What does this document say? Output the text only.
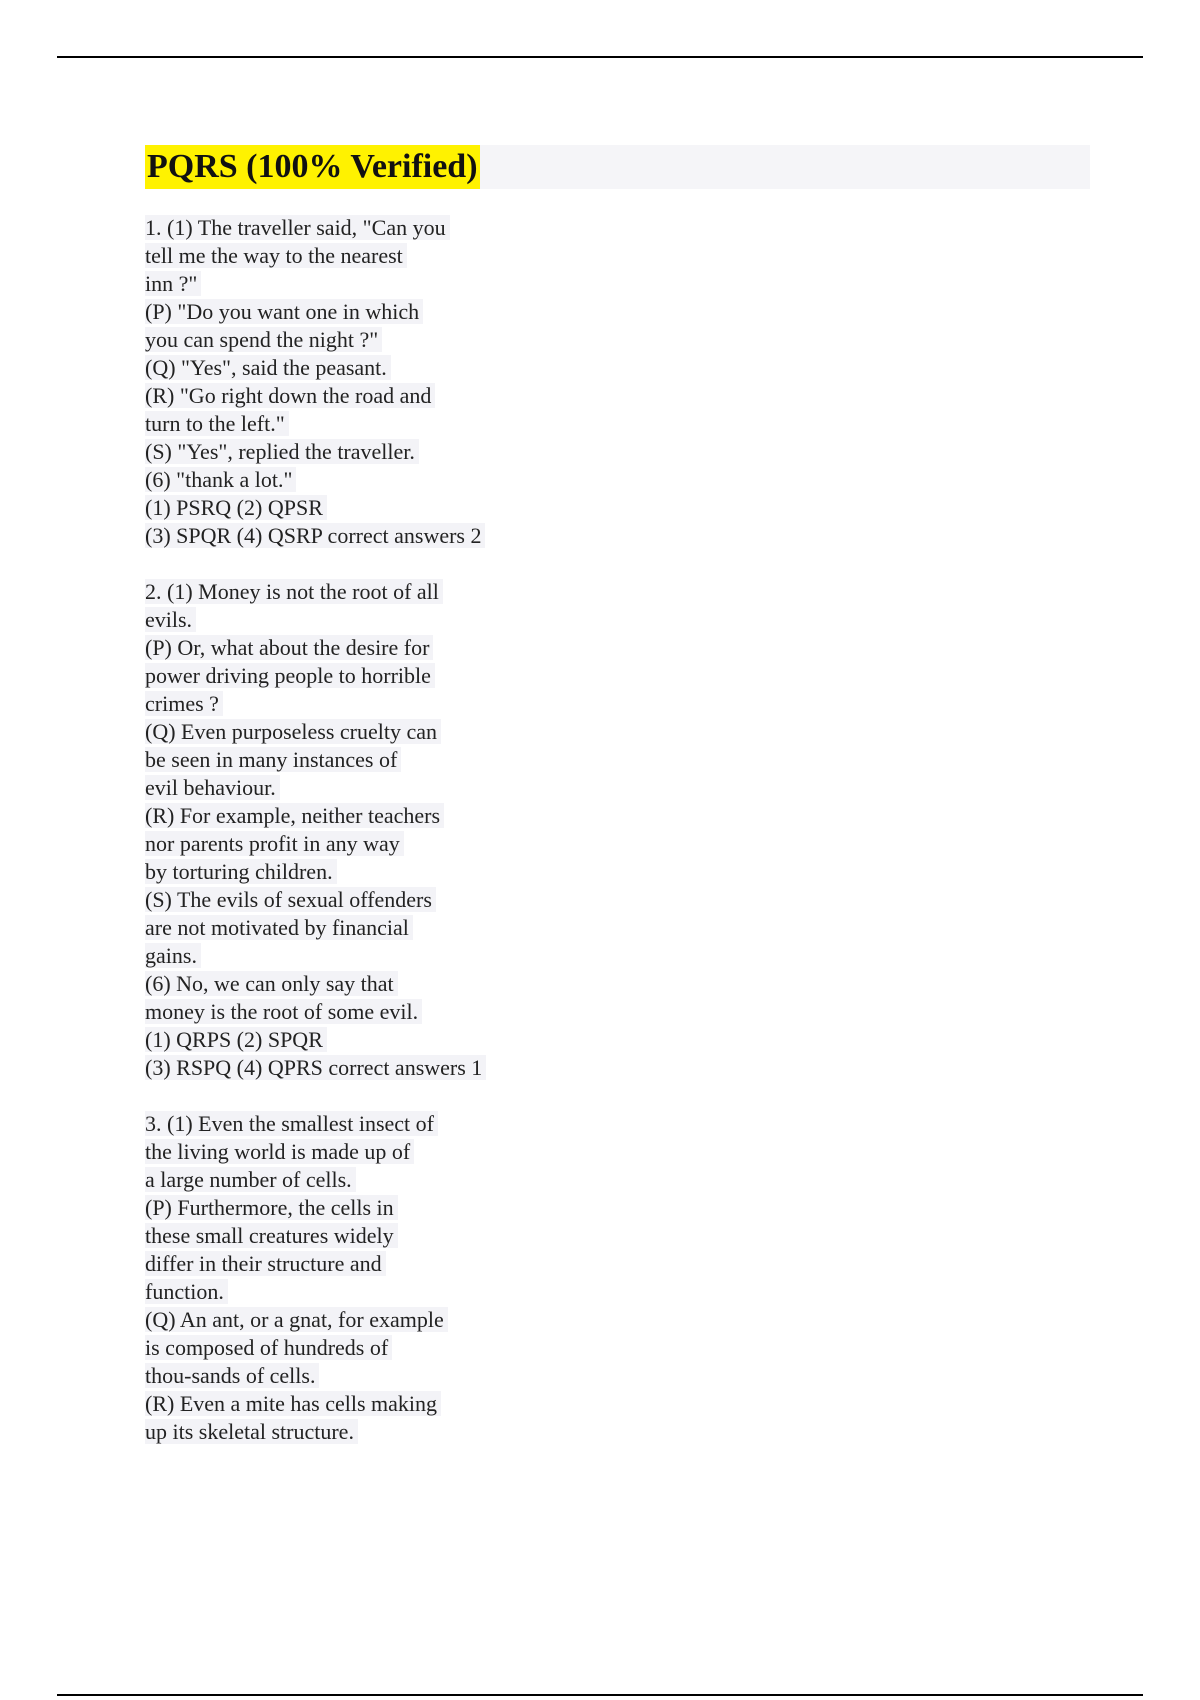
PQRS (100% Verified)
1. (1) The traveller said, "Can you
tell me the way to the nearest
inn ?"
(P) "Do you want one in which
you can spend the night ?"
(Q) "Yes", said the peasant.
(R) "Go right down the road and
turn to the left."
(S) "Yes", replied the traveller.
(6) "thank a lot."
(1) PSRQ (2) QPSR
(3) SPQR (4) QSRP correct answers 2
2. (1) Money is not the root of all
evils.
(P) Or, what about the desire for
power driving people to horrible
crimes ?
(Q) Even purposeless cruelty can
be seen in many instances of
evil behaviour.
(R) For example, neither teachers
nor parents profit in any way
by torturing children.
(S) The evils of sexual offenders
are not motivated by financial
gains.
(6) No, we can only say that
money is the root of some evil.
(1) QRPS (2) SPQR
(3) RSPQ (4) QPRS correct answers 1
3. (1) Even the smallest insect of
the living world is made up of
a large number of cells.
(P) Furthermore, the cells in
these small creatures widely
differ in their structure and
function.
(Q) An ant, or a gnat, for example
is composed of hundreds of
thou-sands of cells.
(R) Even a mite has cells making
up its skeletal structure.
